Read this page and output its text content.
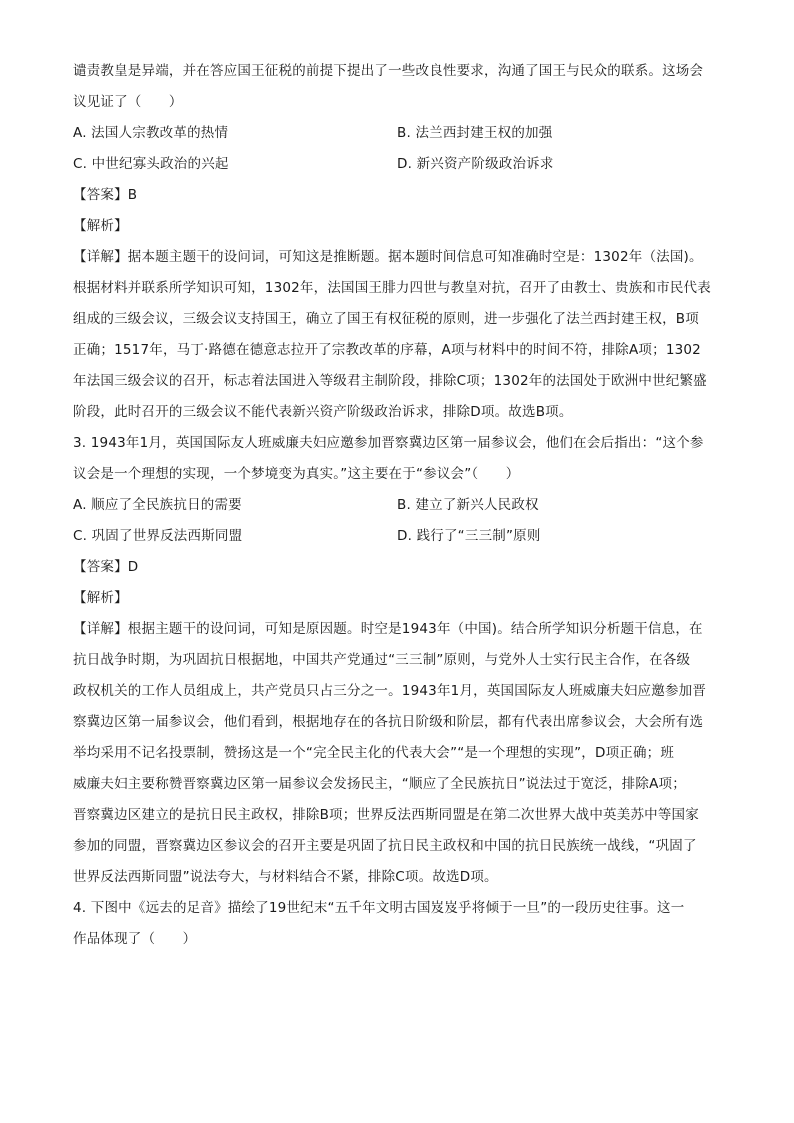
谴责教皇是异端，并在答应国王征税的前提下提出了一些改良性要求，沟通了国王与民众的联系。这场会
议见证了（　　）
A. 法国人宗教改革的热情	B. 法兰西封建王权的加强
C. 中世纪寡头政治的兴起	D. 新兴资产阶级政治诉求
【答案】B
【解析】
【详解】据本题主题干的设问词，可知这是推断题。据本题时间信息可知准确时空是：1302年（法国)。
根据材料并联系所学知识可知，1302年，法国国王腓力四世与教皇对抗，召开了由教士、贵族和市民代表
组成的三级会议，三级会议支持国王，确立了国王有权征税的原则，进一步强化了法兰西封建王权，B项
正确；1517年，马丁·路德在德意志拉开了宗教改革的序幕，A项与材料中的时间不符，排除A项；1302
年法国三级会议的召开，标志着法国进入等级君主制阶段，排除C项；1302年的法国处于欧洲中世纪繁盛
阶段，此时召开的三级会议不能代表新兴资产阶级政治诉求，排除D项。故选B项。
3. 1943年1月，英国国际友人班威廉夫妇应邀参加晋察冀边区第一届参议会，他们在会后指出：“这个参
议会是一个理想的实现，一个梦境变为真实。”这主要在于“参议会”（　　）
A. 顺应了全民族抗日的需要	B. 建立了新兴人民政权
C. 巩固了世界反法西斯同盟	D. 践行了“三三制”原则
【答案】D
【解析】
【详解】根据主题干的设问词，可知是原因题。时空是1943年（中国)。结合所学知识分析题干信息，在
抗日战争时期，为巩固抗日根据地，中国共产党通过“三三制”原则，与党外人士实行民主合作，在各级
政权机关的工作人员组成上，共产党员只占三分之一。1943年1月，英国国际友人班威廉夫妇应邀参加晋
察冀边区第一届参议会，他们看到，根据地存在的各抗日阶级和阶层，都有代表出席参议会，大会所有选
举均采用不记名投票制，赞扬这是一个“完全民主化的代表大会”“是一个理想的实现”，D项正确；班
威廉夫妇主要称赞晋察冀边区第一届参议会发扬民主，“顺应了全民族抗日”说法过于宽泛，排除A项；
晋察冀边区建立的是抗日民主政权，排除B项；世界反法西斯同盟是在第二次世界大战中英美苏中等国家
参加的同盟，晋察冀边区参议会的召开主要是巩固了抗日民主政权和中国的抗日民族统一战线，“巩固了
世界反法西斯同盟”说法夸大，与材料结合不紧，排除C项。故选D项。
4. 下图中《远去的足音》描绘了19世纪末“五千年文明古国岌岌乎将倾于一旦”的一段历史往事。这一
作品体现了（　　）
